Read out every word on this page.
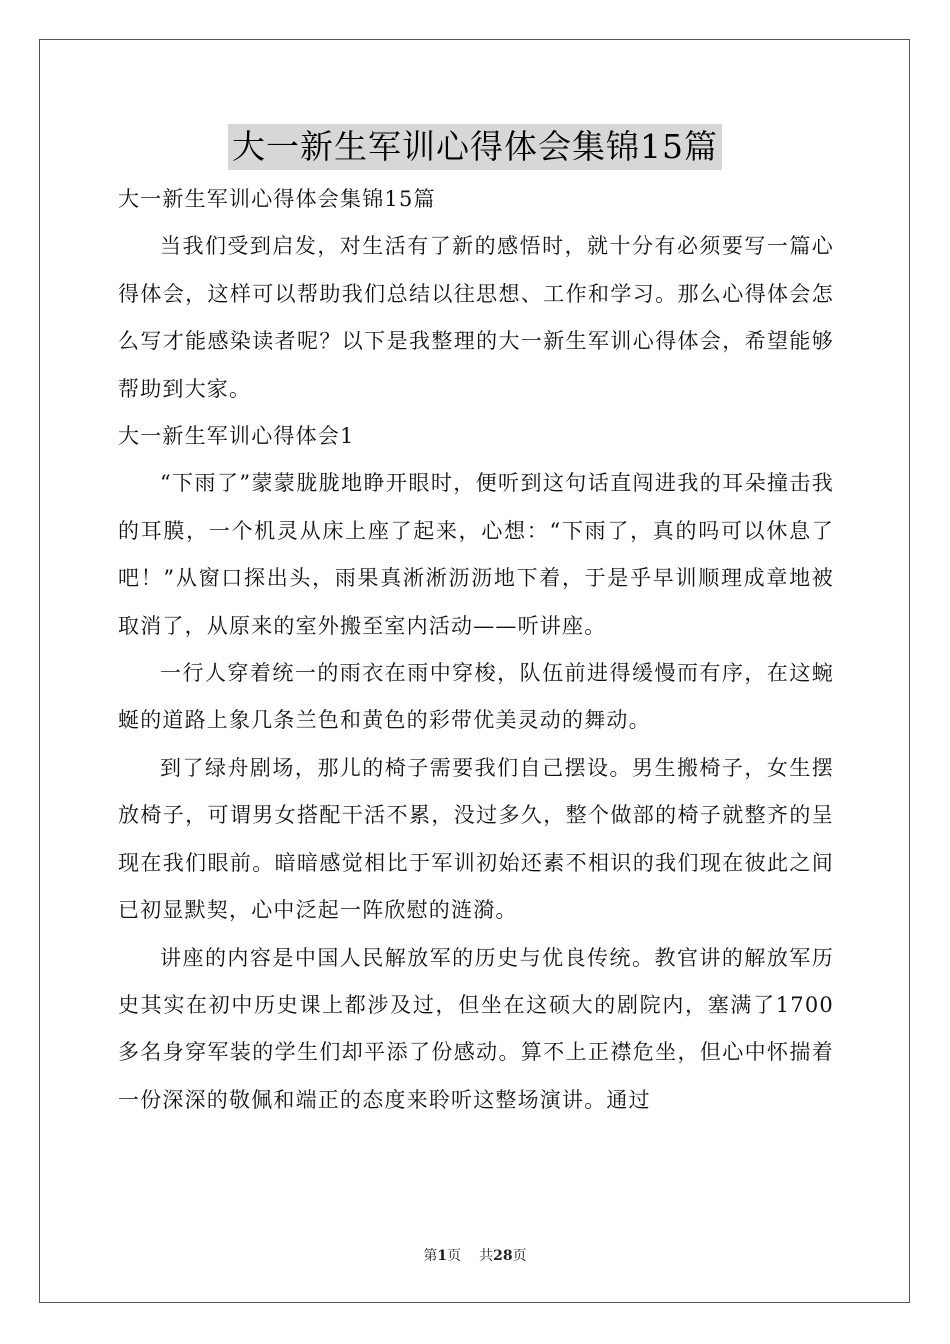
大一新生军训心得体会集锦15篇

大一新生军训心得体会集锦15篇

当我们受到启发，对生活有了新的感悟时，就十分有必须要写一篇心得体会，这样可以帮助我们总结以往思想、工作和学习。那么心得体会怎么写才能感染读者呢？以下是我整理的大一新生军训心得体会，希望能够帮助到大家。

大一新生军训心得体会1

“下雨了”蒙蒙胧胧地睁开眼时，便听到这句话直闯进我的耳朵撞击我的耳膜，一个机灵从床上座了起来，心想：“下雨了，真的吗可以休息了吧！”从窗口探出头，雨果真淅淅沥沥地下着，于是乎早训顺理成章地被取消了，从原来的室外搬至室内活动——听讲座。

一行人穿着统一的雨衣在雨中穿梭，队伍前进得缓慢而有序，在这蜿蜒的道路上象几条兰色和黄色的彩带优美灵动的舞动。

到了绿舟剧场，那儿的椅子需要我们自己摆设。男生搬椅子，女生摆放椅子，可谓男女搭配干活不累，没过多久，整个做部的椅子就整齐的呈现在我们眼前。暗暗感觉相比于军训初始还素不相识的我们现在彼此之间已初显默契，心中泛起一阵欣慰的涟漪。

讲座的内容是中国人民解放军的历史与优良传统。教官讲的解放军历史其实在初中历史课上都涉及过，但坐在这硕大的剧院内，塞满了1700多名身穿军装的学生们却平添了份感动。算不上正襟危坐，但心中怀揣着一份深深的敬佩和端正的态度来聆听这整场演讲。通过

第1页 共28页
